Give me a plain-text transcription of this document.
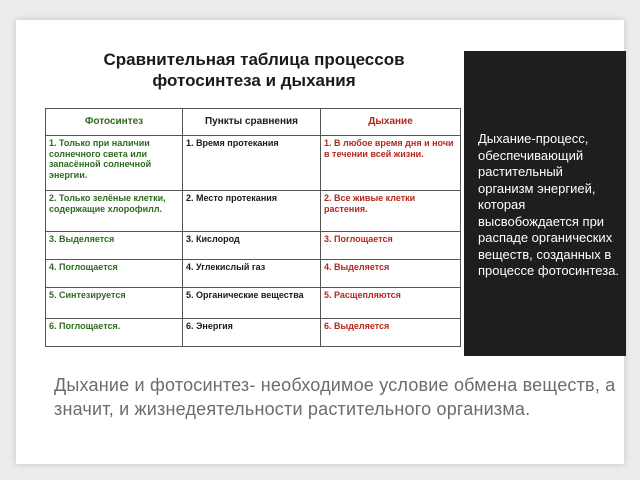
Сравнительная таблица процессов
фотосинтеза и дыхания
Фотосинтез	Пункты сравнения	Дыхание
1. Только при наличии солнечного света или запасённой солнечной энергии.	1. Время протекания	1. В любое время дня и ночи в течении всей жизни.
2. Только зелёные клетки, содержащие хлорофилл.	2. Место протекания	2. Все живые клетки растения.
3. Выделяется	3. Кислород	3. Поглощается
4. Поглощается	4. Углекислый газ	4. Выделяется
5. Синтезируется	5. Органические вещества	5. Расщепляются
6. Поглощается.	6. Энергия	6. Выделяется
Дыхание-процесс, обеспечивающий растительный организм энергией, которая высвобождается при распаде органических веществ, созданных в процессе фотосинтеза.
Дыхание и фотосинтез- необходимое условие обмена веществ, а значит, и жизнедеятельности растительного организма.
